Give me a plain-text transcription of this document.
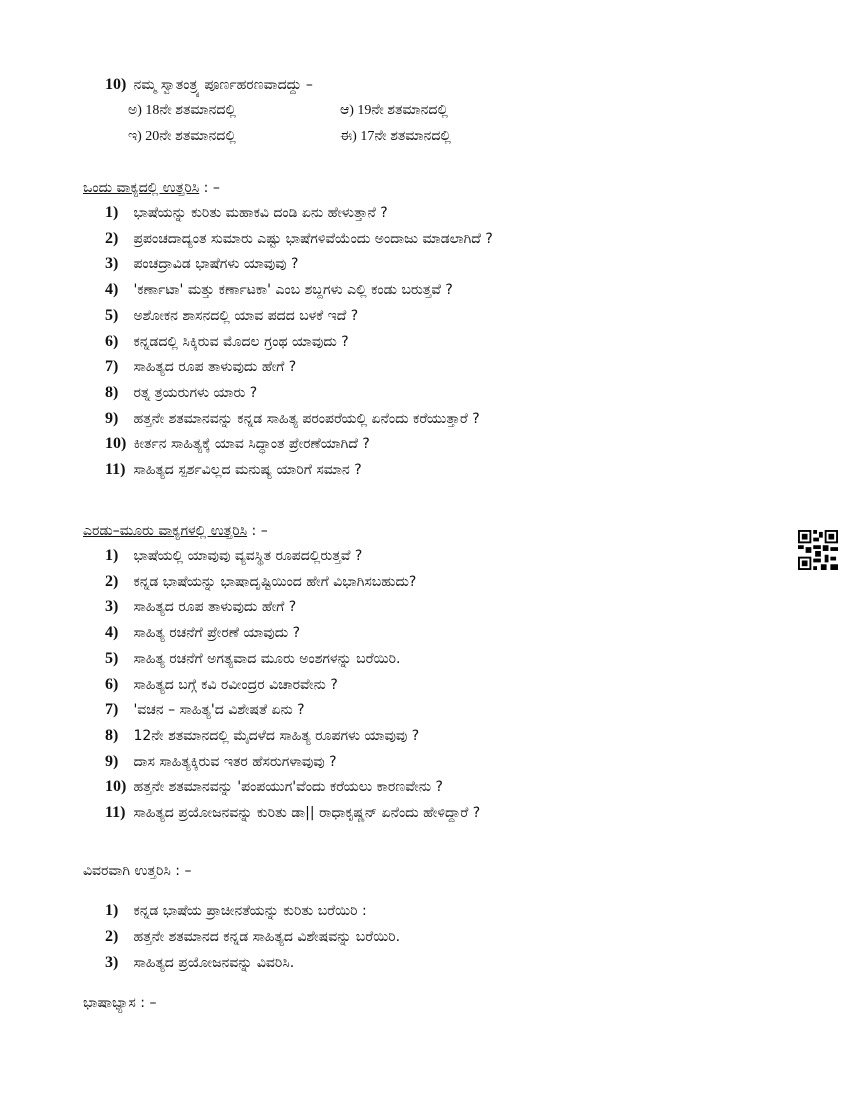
10) ನಮ್ಮ ಸ್ವಾತಂತ್ರ್ಯ ಪೂರ್ಣಹರಣವಾದದ್ದು –
ಅ) 18ನೇ ಶತಮಾನದಲ್ಲಿ	ಆ) 19ನೇ ಶತಮಾನದಲ್ಲಿ
ಇ) 20ನೇ ಶತಮಾನದಲ್ಲಿ	ಈ) 17ನೇ ಶತಮಾನದಲ್ಲಿ
ಒಂದು ವಾಕ್ಯದಲ್ಲಿ ಉತ್ತರಿಸಿ : –
1) ಭಾಷೆಯನ್ನು ಕುರಿತು ಮಹಾಕವಿ ದಂಡಿ ಏನು ಹೇಳುತ್ತಾನೆ ?
2) ಪ್ರಪಂಚದಾದ್ಯಂತ ಸುಮಾರು ಎಷ್ಟು ಭಾಷೆಗಳಿವೆಯೆಂದು ಅಂದಾಜು ಮಾಡಲಾಗಿದೆ ?
3) ಪಂಚದ್ರಾವಿಡ ಭಾಷೆಗಳು ಯಾವುವು ?
4) 'ಕರ್ಣಾಟಾ' ಮತ್ತು ಕರ್ಣಾಟಕಾ' ಎಂಬ ಶಬ್ದಗಳು ಎಲ್ಲಿ ಕಂಡು ಬರುತ್ತವೆ ?
5) ಅಶೋಕನ ಶಾಸನದಲ್ಲಿ ಯಾವ ಪದದ ಬಳಕೆ ಇದೆ ?
6) ಕನ್ನಡದಲ್ಲಿ ಸಿಕ್ಕಿರುವ ಮೊದಲ ಗ್ರಂಥ ಯಾವುದು ?
7) ಸಾಹಿತ್ಯದ ರೂಪ ತಾಳುವುದು ಹೇಗೆ ?
8) ರತ್ನ ತ್ರಯರುಗಳು ಯಾರು ?
9) ಹತ್ತನೇ ಶತಮಾನವನ್ನು ಕನ್ನಡ ಸಾಹಿತ್ಯ ಪರಂಪರೆಯಲ್ಲಿ ಏನೆಂದು ಕರೆಯುತ್ತಾರೆ ?
10) ಕೀರ್ತನ ಸಾಹಿತ್ಯಕ್ಕೆ ಯಾವ ಸಿದ್ಧಾಂತ ಪ್ರೇರಣೆಯಾಗಿದೆ ?
11) ಸಾಹಿತ್ಯದ ಸ್ಪರ್ಶವಿಲ್ಲದ ಮನುಷ್ಯ ಯಾರಿಗೆ ಸಮಾನ ?
ಎರಡು–ಮೂರು ವಾಕ್ಯಗಳಲ್ಲಿ ಉತ್ತರಿಸಿ : –
1) ಭಾಷೆಯಲ್ಲಿ ಯಾವುವು ವ್ಯವಸ್ಥಿತ ರೂಪದಲ್ಲಿರುತ್ತವೆ ?
2) ಕನ್ನಡ ಭಾಷೆಯನ್ನು ಭಾಷಾದೃಷ್ಟಿಯಿಂದ ಹೇಗೆ ವಿಭಾಗಿಸಬಹುದು?
3) ಸಾಹಿತ್ಯದ ರೂಪ ತಾಳುವುದು ಹೇಗೆ ?
4) ಸಾಹಿತ್ಯ ರಚನೆಗೆ ಪ್ರೇರಣೆ ಯಾವುದು ?
5) ಸಾಹಿತ್ಯ ರಚನೆಗೆ ಅಗತ್ಯವಾದ ಮೂರು ಅಂಶಗಳನ್ನು ಬರೆಯಿರಿ.
6) ಸಾಹಿತ್ಯದ ಬಗ್ಗೆ ಕವಿ ರವೀಂದ್ರರ ವಿಚಾರವೇನು ?
7) 'ವಚನ – ಸಾಹಿತ್ಯ'ದ ವಿಶೇಷತೆ ಏನು ?
8) 12ನೇ ಶತಮಾನದಲ್ಲಿ ಮೈದಳೆದ ಸಾಹಿತ್ಯ ರೂಪಗಳು ಯಾವುವು ?
9) ದಾಸ ಸಾಹಿತ್ಯಕ್ಕಿರುವ ಇತರ ಹೆಸರುಗಳಾವುವು ?
10) ಹತ್ತನೇ ಶತಮಾನವನ್ನು 'ಪಂಪಯುಗ'ವೆಂದು ಕರೆಯಲು ಕಾರಣವೇನು ?
11) ಸಾಹಿತ್ಯದ ಪ್ರಯೋಜನವನ್ನು ಕುರಿತು ಡಾ|| ರಾಧಾಕೃಷ್ಣನ್ ಏನೆಂದು ಹೇಳಿದ್ದಾರೆ ?
ವಿವರವಾಗಿ ಉತ್ತರಿಸಿ : –
1) ಕನ್ನಡ ಭಾಷೆಯ ಪ್ರಾಚೀನತೆಯನ್ನು ಕುರಿತು ಬರೆಯಿರಿ :
2) ಹತ್ತನೇ ಶತಮಾನದ ಕನ್ನಡ ಸಾಹಿತ್ಯದ ವಿಶೇಷವನ್ನು ಬರೆಯಿರಿ.
3) ಸಾಹಿತ್ಯದ ಪ್ರಯೋಜನವನ್ನು ವಿವರಿಸಿ.
ಭಾಷಾಭ್ಯಾಸ : –
